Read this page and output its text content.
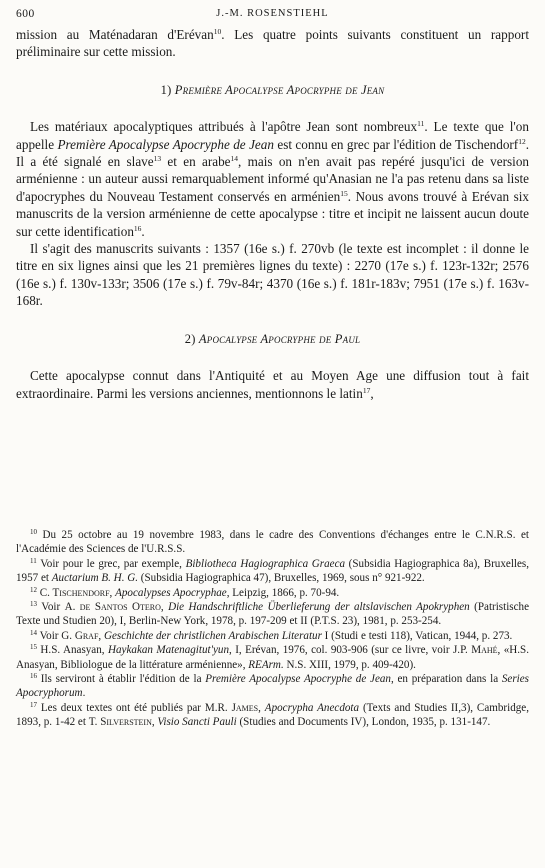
600	J.-M. ROSENSTIEHL

mission au Maténadaran d'Erévan$^{10}$. Les quatre points suivants constituent un rapport préliminaire sur cette mission.

1) Première Apocalypse Apocryphe de Jean

Les matériaux apocalyptiques attribués à l'apôtre Jean sont nombreux$^{11}$. Le texte que l'on appelle Première Apocalypse Apocryphe de Jean est connu en grec par l'édition de Tischendorf$^{12}$. Il a été signalé en slave$^{13}$ et en arabe$^{14}$, mais on n'en avait pas repéré jusqu'ici de version arménienne : un auteur aussi remarquablement informé qu'Anasian ne l'a pas retenu dans sa liste d'apocryphes du Nouveau Testament conservés en arménien$^{15}$. Nous avons trouvé à Erévan six manuscrits de la version arménienne de cette apocalypse : titre et incipit ne laissent aucun doute sur cette identification$^{16}$.

Il s'agit des manuscrits suivants : 1357 (16e s.) f. 270vb (le texte est incomplet : il donne le titre en six lignes ainsi que les 21 premières lignes du texte) : 2270 (17e s.) f. 123r-132r; 2576 (16e s.) f. 130v-133r; 3506 (17e s.) f. 79v-84r; 4370 (16e s.) f. 181r-183v; 7951 (17e s.) f. 163v-168r.

2) Apocalypse Apocryphe de Paul

Cette apocalypse connut dans l'Antiquité et au Moyen Age une diffusion tout à fait extraordinaire. Parmi les versions anciennes, mentionnons le latin$^{17}$,

$^{10}$ Du 25 octobre au 19 novembre 1983, dans le cadre des Conventions d'échanges entre le C.N.R.S. et l'Académie des Sciences de l'U.R.S.S.

$^{11}$ Voir pour le grec, par exemple, Bibliotheca Hagiographica Graeca (Subsidia Hagiographica 8a), Bruxelles, 1957 et Auctarium B. H. G. (Subsidia Hagiographica 47), Bruxelles, 1969, sous n° 921-922.

$^{12}$ C. Tischendorf, Apocalypses Apocryphae, Leipzig, 1866, p. 70-94.

$^{13}$ Voir A. de Santos Otero, Die Handschriftliche Überlieferung der altslavischen Apokryphen (Patristische Texte und Studien 20), I, Berlin-New York, 1978, p. 197-209 et II (P.T.S. 23), 1981, p. 253-254.

$^{14}$ Voir G. Graf, Geschichte der christlichen Arabischen Literatur I (Studi e testi 118), Vatican, 1944, p. 273.

$^{15}$ H.S. Anasyan, Haykakan Matenagitut'yun, I, Erévan, 1976, col. 903-906 (sur ce livre, voir J.P. Mahé, «H.S. Anasyan, Bibliologue de la littérature arménienne», REArm. N.S. XIII, 1979, p. 409-420).

$^{16}$ Ils serviront à établir l'édition de la Première Apocalypse Apocryphe de Jean, en préparation dans la Series Apocryphorum.

$^{17}$ Les deux textes ont été publiés par M.R. James, Apocrypha Anecdota (Texts and Studies II,3), Cambridge, 1893, p. 1-42 et T. Silverstein, Visio Sancti Pauli (Studies and Documents IV), London, 1935, p. 131-147.
